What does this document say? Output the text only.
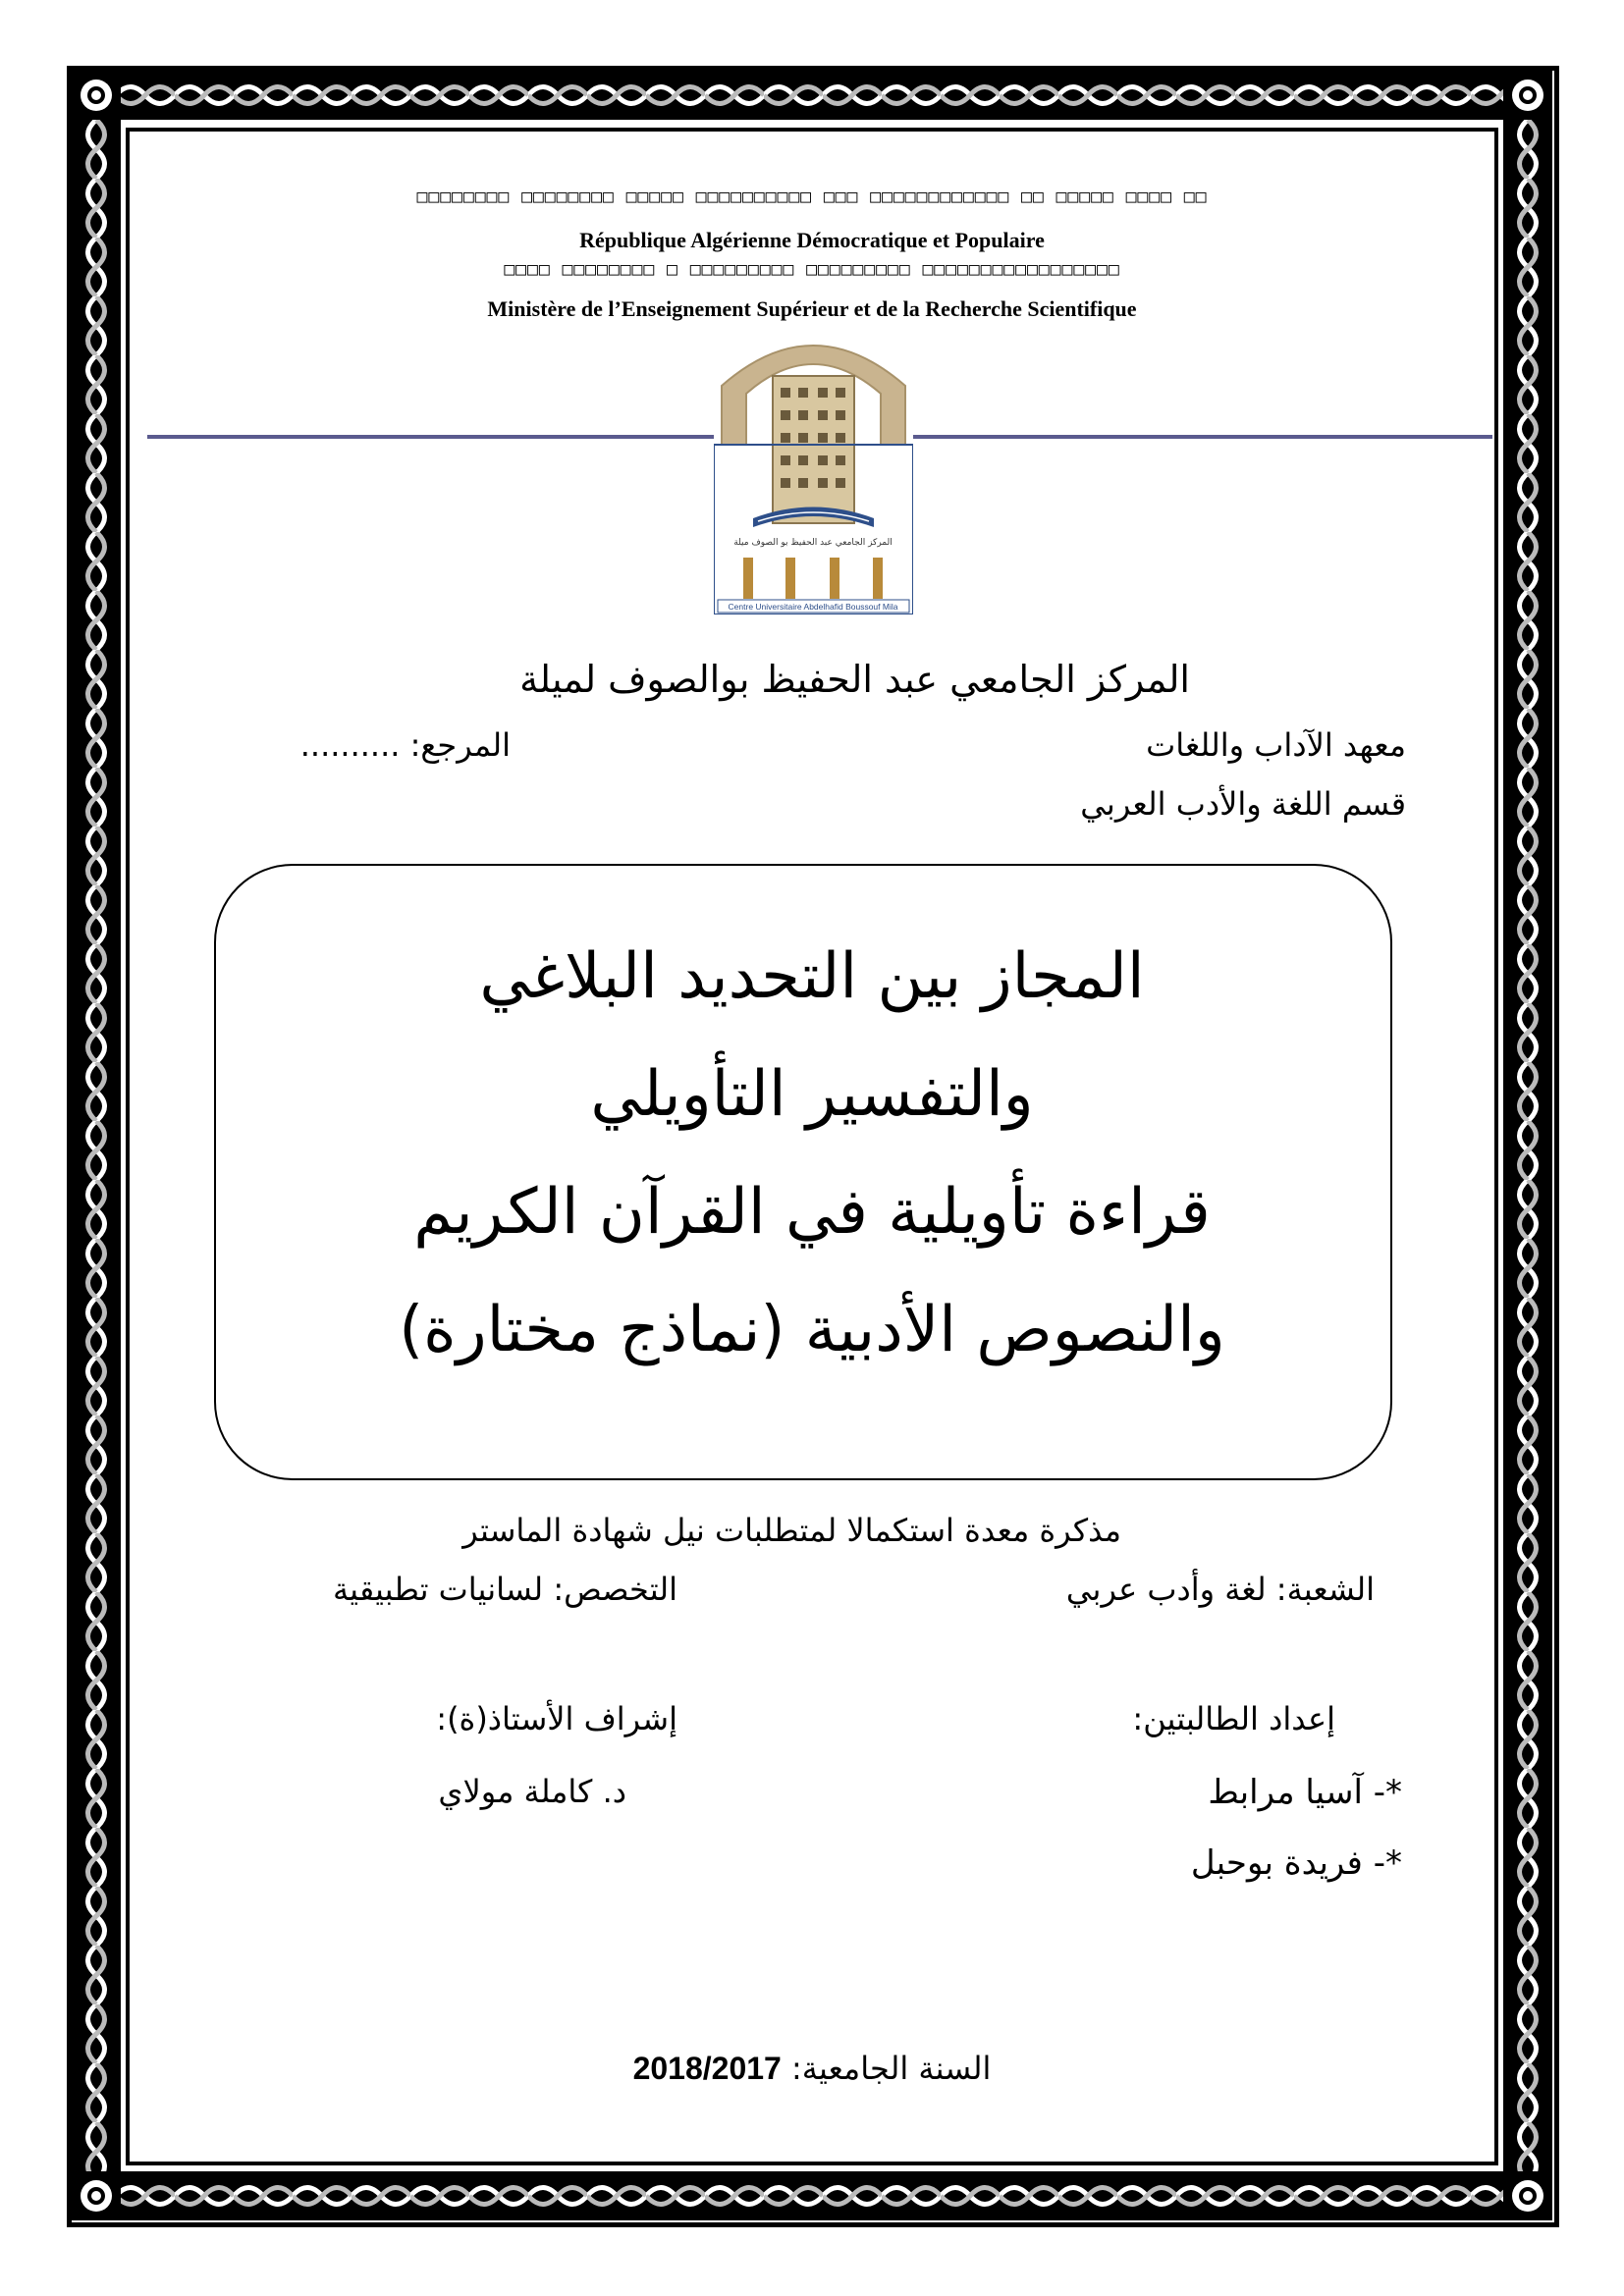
□□□□□□□□ □□□□□□□□ □□□□□ □□□□□□□□□□ □□□ □□□□□□□□□□□□ □□ □□□□□ □□□□ □□
République Algérienne Démocratique et Populaire
□□□□ □□□□□□□□ □ □□□□□□□□□ □□□□□□□□□ □□□□□□□□□□□□□□□□□
Ministère de l’Enseignement Supérieur et de la Recherche Scientifique
المركز الجامعي عبد الحفيظ بو الصوف ميلة
Centre Universitaire Abdelhafid Boussouf Mila
المركز الجامعي عبد الحفيظ بوالصوف لميلة
معهد الآداب واللغات
المرجع: ..........
قسم اللغة والأدب العربي
المجاز بين التحديد البلاغي
والتفسير التأويلي
قراءة تأويلية في القرآن الكريم
والنصوص الأدبية (نماذج مختارة)
مذكرة معدة استكمالا لمتطلبات نيل شهادة الماستر
الشعبة: لغة وأدب عربي
التخصص: لسانيات تطبيقية
إعداد الطالبتين:
إشراف الأستاذ(ة):
*- آسيا مرابط
د. كاملة مولاي
*- فريدة بوحبل
السنة الجامعية: 2018/2017
